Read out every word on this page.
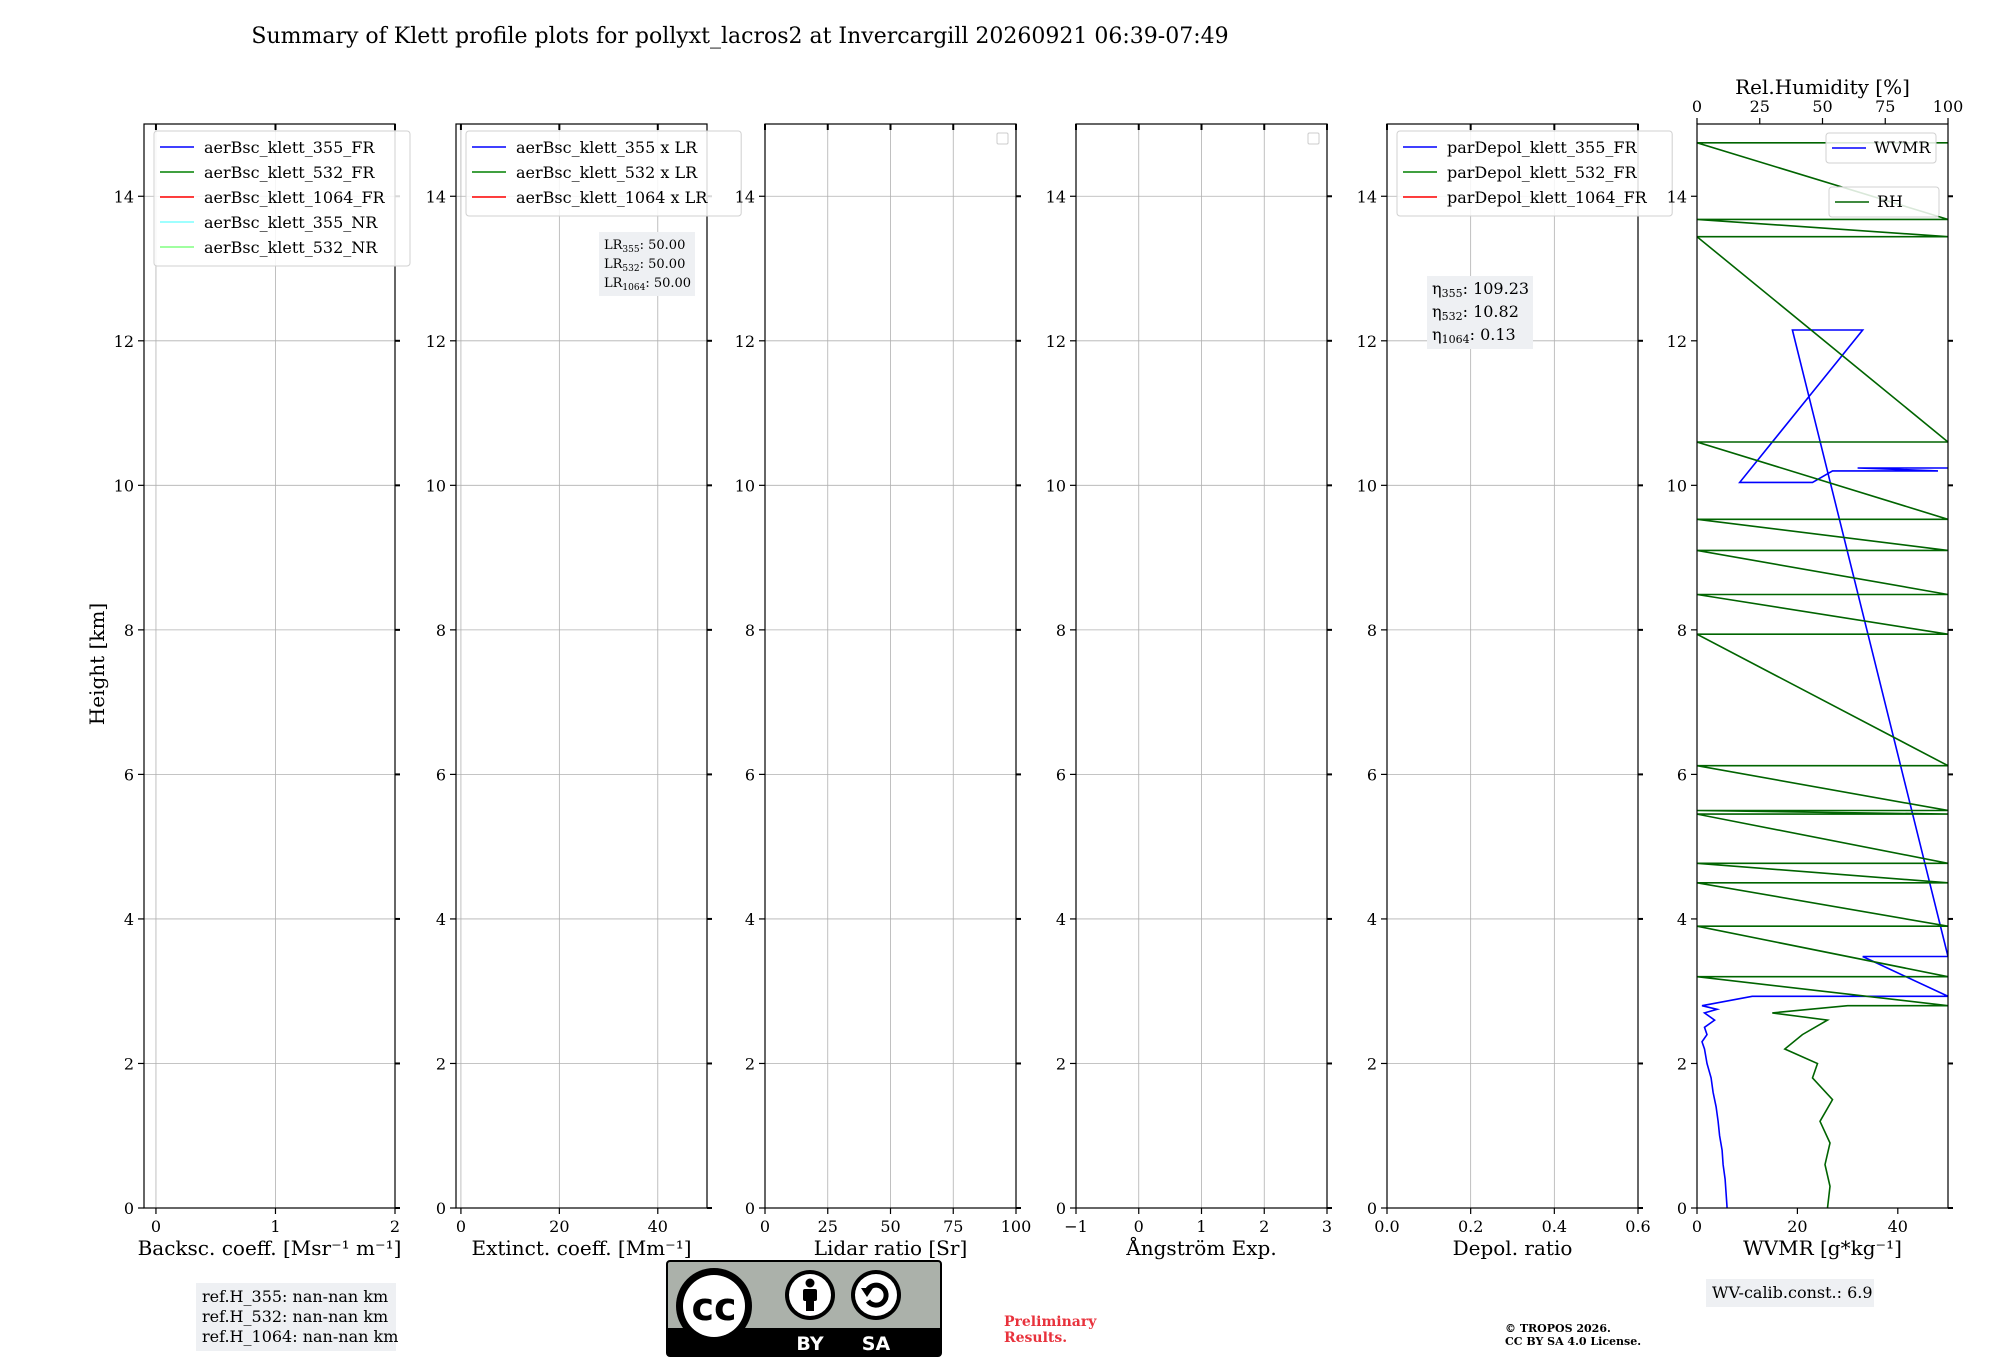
Summary of Klett profile plots for pollyxt_lacros2 at Invercargill 20260921 06:39-07:49
Height [km]
0	1	2
0
2
4
6
8
10
12
14
Backsc. coeff. [Msr⁻¹ m⁻¹]
aerBsc_klett_355_FR
aerBsc_klett_532_FR
aerBsc_klett_1064_FR
aerBsc_klett_355_NR
aerBsc_klett_532_NR
ref.H_355: nan-nan km
ref.H_532: nan-nan km
ref.H_1064: nan-nan km
0	20	40
0
2
4
6
8
10
12
14
Extinct. coeff. [Mm⁻¹]
aerBsc_klett_355 x LR
aerBsc_klett_532 x LR
aerBsc_klett_1064 x LR
$LR_{355}$: 50.00
$LR_{532}$: 50.00
$LR_{1064}$: 50.00
0	25	50	75 100
0
2
4
6
8
10
12
14
Lidar ratio [Sr]
−1	0	1	2	3
0
2
4
6
8
10
12
14
Ångström Exp.
0.0	0.2	0.4	0.6
0
2
4
6
8
10
12
14
Depol. ratio
parDepol_klett_355_FR
parDepol_klett_532_FR
parDepol_klett_1064_FR
η355: 109.23
η532: 10.82
η1064: 0.13
0	20	40
0
2
4
6
8
10
12
14
WVMR [g*kg⁻¹]
0	25	50	75 100
Rel.Humidity [%]
WVMR
RH
WV-calib.const.: 6.9
cc
BY SA
Preliminary
Results.
© TROPOS 2026.
CC BY SA 4.0 License.
